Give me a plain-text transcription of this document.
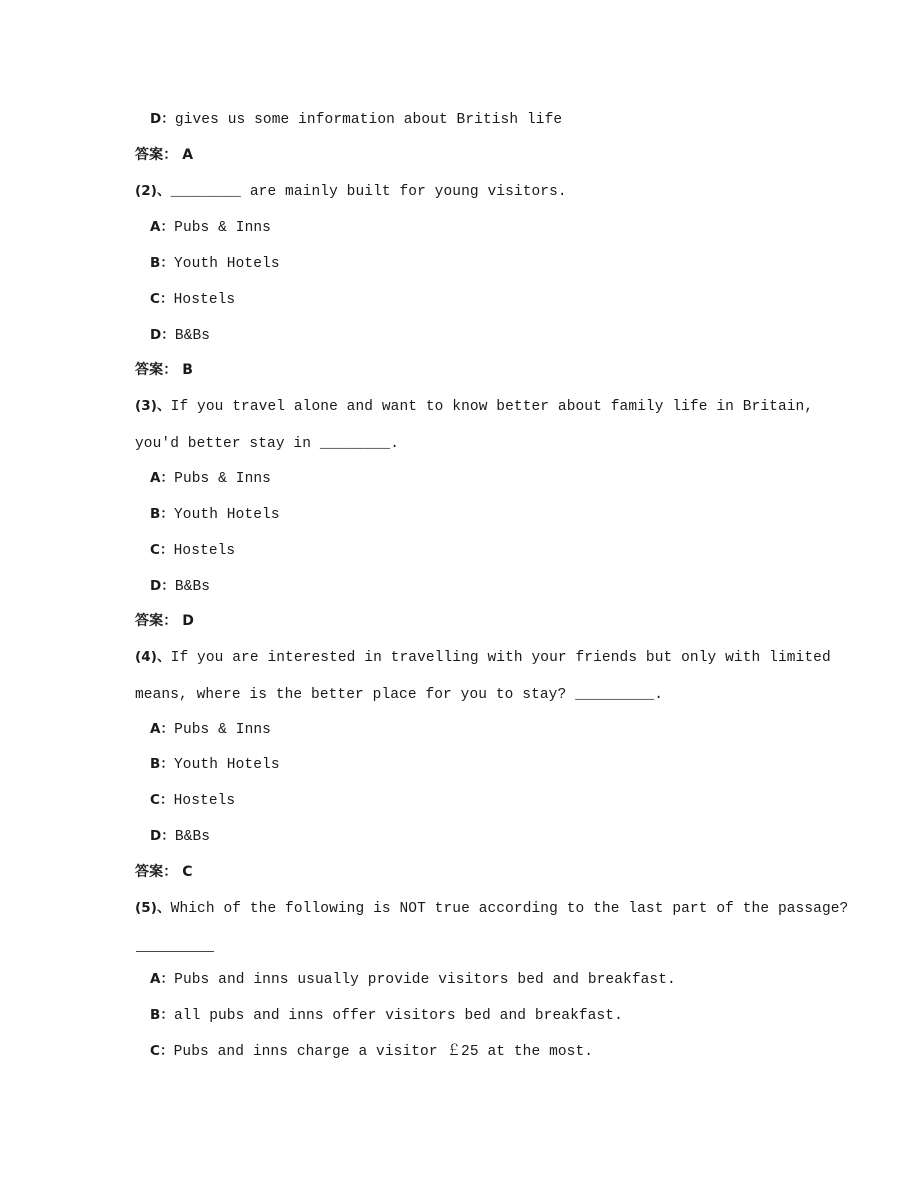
D：gives us some information about British life
答案： A
(2)、________ are mainly built for young visitors.
A：Pubs & Inns
B：Youth Hotels
C：Hostels
D：B&Bs
答案： B
(3)、If you travel alone and want to know better about family life in Britain,
you'd better stay in ________.
A：Pubs & Inns
B：Youth Hotels
C：Hostels
D：B&Bs
答案： D
(4)、If you are interested in travelling with your friends but only with limited
means, where is the better place for you to stay? _________.
A：Pubs & Inns
B：Youth Hotels
C：Hostels
D：B&Bs
答案： C
(5)、Which of the following is NOT true according to the last part of the passage?
A：Pubs and inns usually provide visitors bed and breakfast.
B：all pubs and inns offer visitors bed and breakfast.
C：Pubs and inns charge a visitor ￡25 at the most.
